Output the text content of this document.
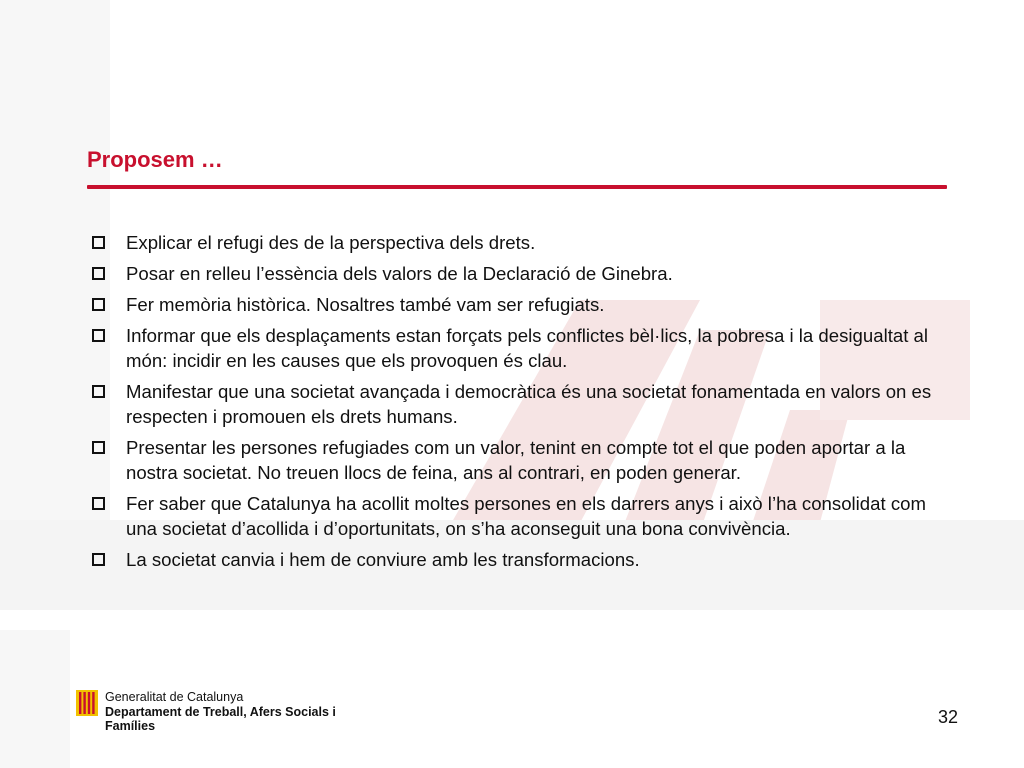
Proposem …
Explicar el refugi des de la perspectiva dels drets.
Posar en relleu l’essència dels valors de la Declaració de Ginebra.
Fer memòria històrica. Nosaltres també vam ser refugiats.
Informar que els desplaçaments estan forçats pels conflictes bèl·lics, la pobresa i la desigualtat al món: incidir en les causes que els provoquen és clau.
Manifestar que una societat avançada i democràtica és una societat fonamentada en valors on es respecten i promouen els drets humans.
Presentar les persones refugiades com un valor, tenint en compte tot el que poden aportar a la nostra societat. No treuen llocs de feina, ans al contrari, en poden generar.
Fer saber que Catalunya ha acollit moltes persones en els darrers anys i això l’ha consolidat com una societat d’acollida i d’oportunitats, on s’ha aconseguit una bona convivència.
La societat canvia i hem de conviure amb les transformacions.
Generalitat de Catalunya
Departament de Treball, Afers Socials i Famílies	32
